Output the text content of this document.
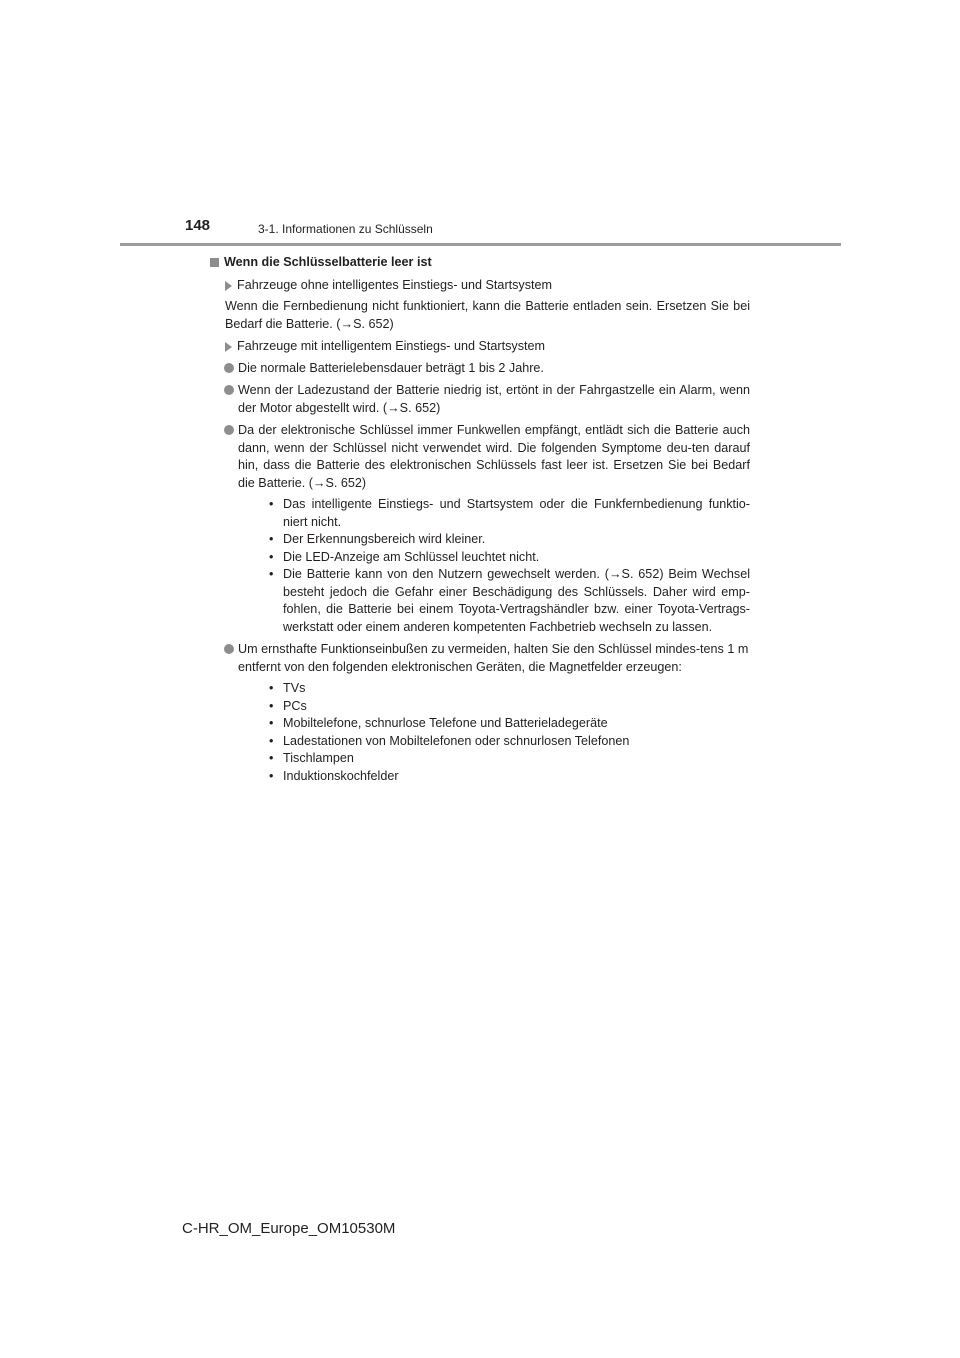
148	3-1. Informationen zu Schlüsseln
Wenn die Schlüsselbatterie leer ist
Fahrzeuge ohne intelligentes Einstiegs- und Startsystem
Wenn die Fernbedienung nicht funktioniert, kann die Batterie entladen sein. Ersetzen Sie bei Bedarf die Batterie. (→S. 652)
Fahrzeuge mit intelligentem Einstiegs- und Startsystem
Die normale Batterielebensdauer beträgt 1 bis 2 Jahre.
Wenn der Ladezustand der Batterie niedrig ist, ertönt in der Fahrgastzelle ein Alarm, wenn der Motor abgestellt wird. (→S. 652)
Da der elektronische Schlüssel immer Funkwellen empfängt, entlädt sich die Batterie auch dann, wenn der Schlüssel nicht verwendet wird. Die folgenden Symptome deu-ten darauf hin, dass die Batterie des elektronischen Schlüssels fast leer ist. Ersetzen Sie bei Bedarf die Batterie. (→S. 652)
• Das intelligente Einstiegs- und Startsystem oder die Funkfernbedienung funktio-niert nicht.
• Der Erkennungsbereich wird kleiner.
• Die LED-Anzeige am Schlüssel leuchtet nicht.
• Die Batterie kann von den Nutzern gewechselt werden. (→S. 652) Beim Wechsel besteht jedoch die Gefahr einer Beschädigung des Schlüssels. Daher wird emp-fohlen, die Batterie bei einem Toyota-Vertragshändler bzw. einer Toyota-Vertrags-werkstatt oder einem anderen kompetenten Fachbetrieb wechseln zu lassen.
Um ernsthafte Funktionseinbußen zu vermeiden, halten Sie den Schlüssel mindes-tens 1 m
entfernt von den folgenden elektronischen Geräten, die Magnetfelder erzeugen:
• TVs
• PCs
• Mobiltelefone, schnurlose Telefone und Batterieladegeräte
• Ladestationen von Mobiltelefonen oder schnurlosen Telefonen
• Tischlampen
• Induktionskochfelder
C-HR_OM_Europe_OM10530M
